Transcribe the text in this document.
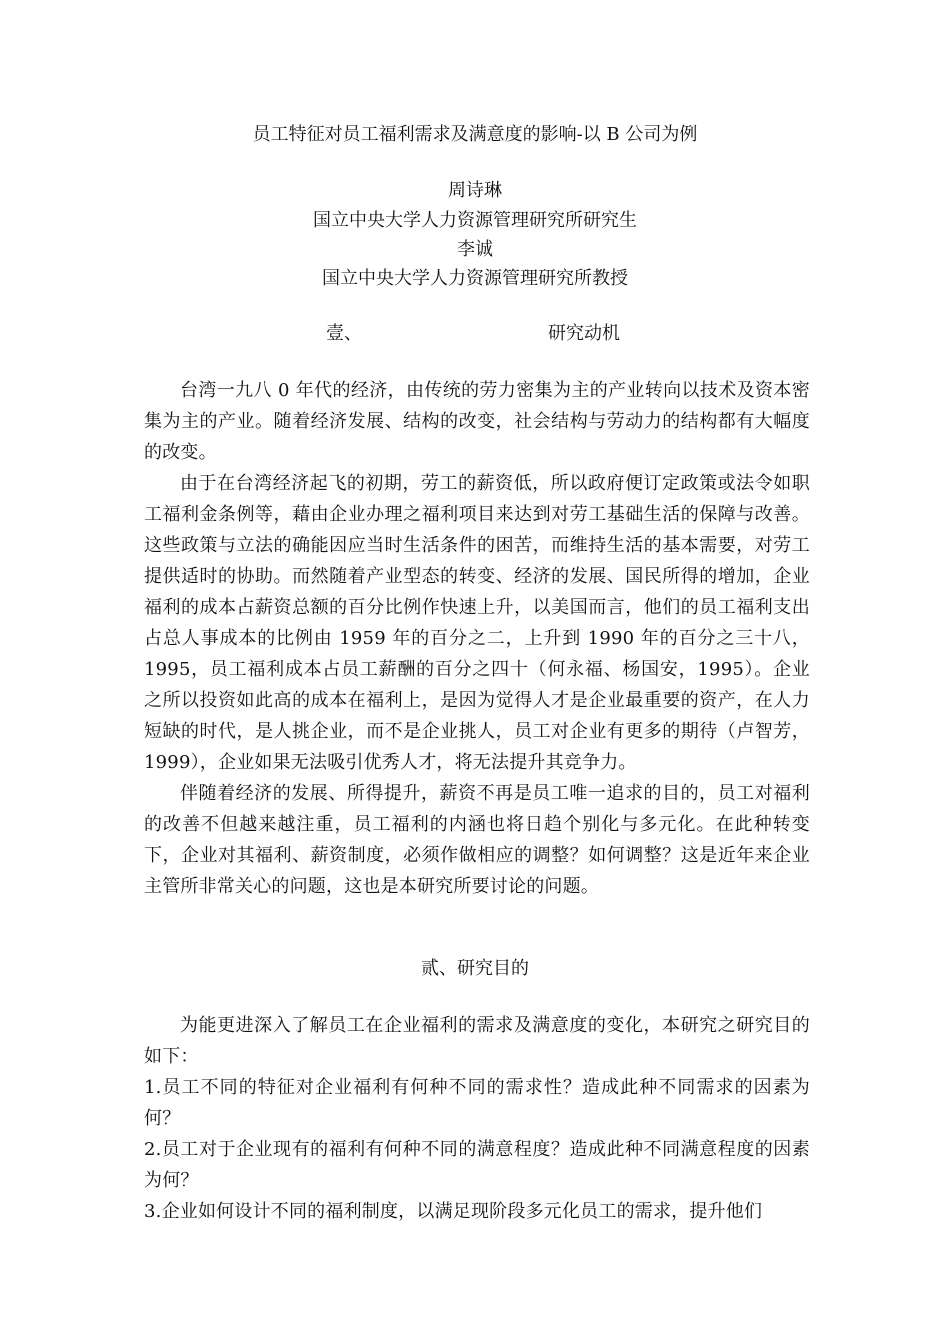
员工特征对员工福利需求及满意度的影响-以 B 公司为例
周诗琳
国立中央大学人力资源管理研究所研究生
李诚
国立中央大学人力资源管理研究所教授
壹、	研究动机

台湾一九八 0 年代的经济，由传统的劳力密集为主的产业转向以技术及资本密集为主的产业。随着经济发展、结构的改变，社会结构与劳动力的结构都有大幅度的改变。

由于在台湾经济起飞的初期，劳工的薪资低，所以政府便订定政策或法令如职工福利金条例等，藉由企业办理之福利项目来达到对劳工基础生活的保障与改善。这些政策与立法的确能因应当时生活条件的困苦，而维持生活的基本需要，对劳工提供适时的协助。而然随着产业型态的转变、经济的发展、国民所得的增加，企业福利的成本占薪资总额的百分比例作快速上升，以美国而言，他们的员工福利支出占总人事成本的比例由 1959 年的百分之二，上升到 1990 年的百分之三十八，1995，员工福利成本占员工薪酬的百分之四十（何永福、杨国安，1995）。企业之所以投资如此高的成本在福利上，是因为觉得人才是企业最重要的资产，在人力短缺的时代，是人挑企业，而不是企业挑人，员工对企业有更多的期待（卢智芳，1999），企业如果无法吸引优秀人才，将无法提升其竞争力。

伴随着经济的发展、所得提升，薪资不再是员工唯一追求的目的，员工对福利的改善不但越来越注重，员工福利的内涵也将日趋个别化与多元化。在此种转变下，企业对其福利、薪资制度，必须作做相应的调整？如何调整？这是近年来企业主管所非常关心的问题，这也是本研究所要讨论的问题。

贰、研究目的

为能更进深入了解员工在企业福利的需求及满意度的变化，本研究之研究目的如下：

1.员工不同的特征对企业福利有何种不同的需求性？造成此种不同需求的因素为何？

2.员工对于企业现有的福利有何种不同的满意程度？造成此种不同满意程度的因素为何？

3.企业如何设计不同的福利制度，以满足现阶段多元化员工的需求，提升他们
